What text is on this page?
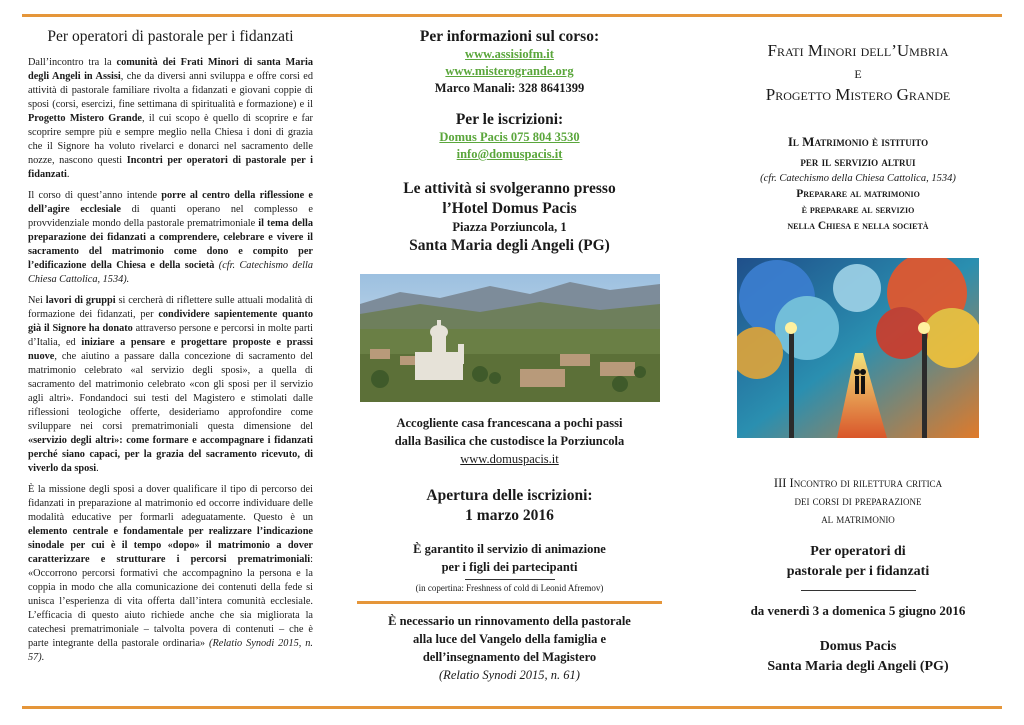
Per operatori di pastorale per i fidanzati

Dall’incontro tra la comunità dei Frati Minori di santa Maria degli Angeli in Assisi, che da diversi anni sviluppa e offre corsi ed attività di pastorale familiare rivolta a fidanzati e giovani coppie di sposi (corsi, esercizi, fine settimana di spiritualità e formazione) e il Progetto Mistero Grande, il cui scopo è quello di scoprire e far scoprire sempre più e sempre meglio nella Chiesa i doni di grazia che il Signore ha voluto rivelarci e donarci nel sacramento delle nozze, nascono questi Incontri per operatori di pastorale per i fidanzati.

Il corso di quest’anno intende porre al centro della riflessione e dell’agire ecclesiale di quanti operano nel complesso e provvidenziale mondo della pastorale prematrimoniale il tema della preparazione dei fidanzati a comprendere, celebrare e vivere il sacramento del matrimonio come dono e compito per l’edificazione della Chiesa e della società (cfr. Catechismo della Chiesa Cattolica, 1534).

Nei lavori di gruppi si cercherà di riflettere sulle attuali modalità di formazione dei fidanzati, per condividere sapientemente quanto già il Signore ha donato attraverso persone e percorsi in molte parti d’Italia, ed iniziare a pensare e progettare proposte e prassi nuove, che aiutino a passare dalla concezione di sacramento del matrimonio celebrato «al servizio degli sposi», a quella di sacramento del matrimonio celebrato «con gli sposi per il servizio agli altri». Fondandoci sui testi del Magistero e stimolati dalle riflessioni teologiche offerte, desideriamo approfondire come sviluppare nei corsi prematrimoniali questa dimensione del «servizio degli altri»: come formare e accompagnare i fidanzati perché siano capaci, per la grazia del sacramento ricevuto, di viverlo da sposi.

È la missione degli sposi a dover qualificare il tipo di percorso dei fidanzati in preparazione al matrimonio ed occorre individuare delle modalità educative per formarli adeguatamente. Questo è un elemento centrale e fondamentale per realizzare l’indicazione sinodale per cui è il tempo «dopo» il matrimonio a dover caratterizzare e strutturare i percorsi prematrimoniali: «Occorrono percorsi formativi che accompagnino la persona e la coppia in modo che alla comunicazione dei contenuti della fede si unisca l’esperienza di vita offerta dall’intera comunità ecclesiale. L’efficacia di questo aiuto richiede anche che sia migliorata la catechesi prematrimoniale – talvolta povera di contenuti – che è parte integrante della pastorale ordinaria» (Relatio Synodi 2015, n. 57).

Per informazioni sul corso:
www.assisiofm.it
www.misterogrande.org
Marco Manali: 328 8641399
Per le iscrizioni:
Domus Pacis 075 804 3530
info@domuspacis.it
Le attività si svolgeranno presso
l’Hotel Domus Pacis
Piazza Porziuncola, 1
Santa Maria degli Angeli (PG)
Accogliente casa francescana a pochi passi
dalla Basilica che custodisce la Porziuncola
www.domuspacis.it
Apertura delle iscrizioni:
1 marzo 2016
È garantito il servizio di animazione
per i figli dei partecipanti
(in copertina: Freshness of cold di Leonid Afremov)
È necessario un rinnovamento della pastorale
alla luce del Vangelo della famiglia e
dell’insegnamento del Magistero
(Relatio Synodi 2015, n. 61)
Frati Minori dell’Umbria
e
Progetto Mistero Grande
Il Matrimonio è istituito
per il servizio altrui
(cfr. Catechismo della Chiesa Cattolica, 1534)
Preparare al matrimonio
è preparare al servizio
nella Chiesa e nella società
III Incontro di rilettura critica
dei corsi di preparazione
al matrimonio
Per operatori di
pastorale per i fidanzati
da venerdì 3 a domenica 5 giugno 2016
Domus Pacis
Santa Maria degli Angeli (PG)
